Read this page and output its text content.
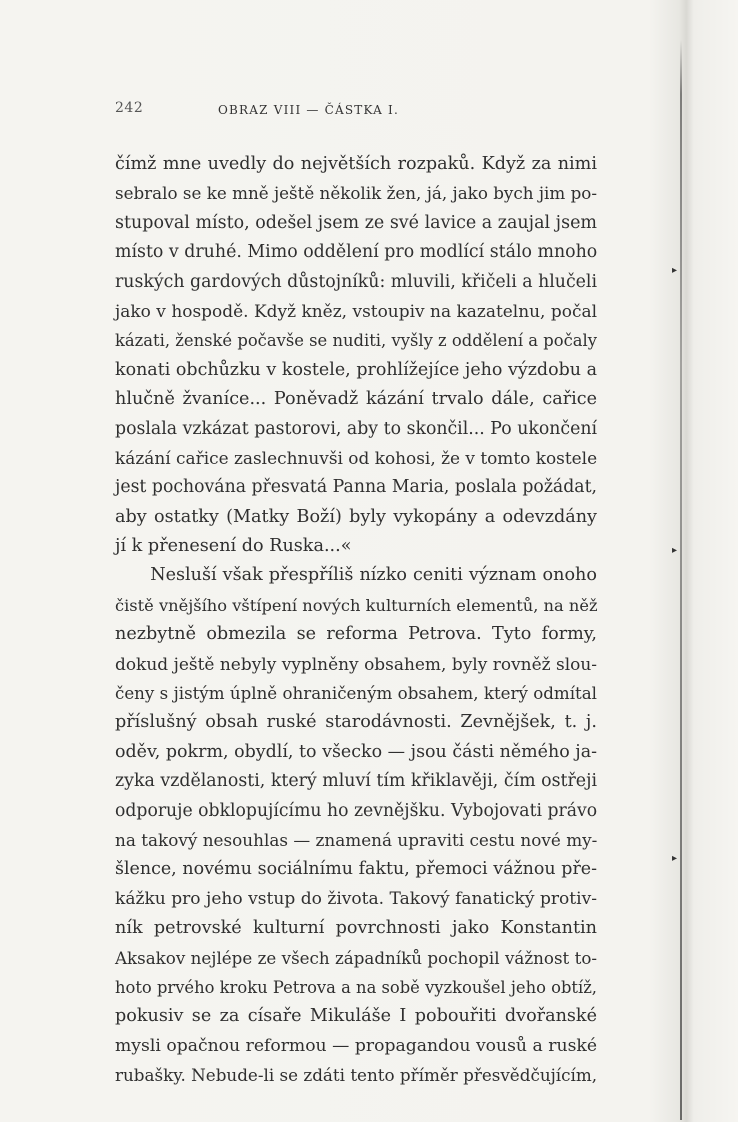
▸
▸
▸
242	OBRAZ VIII — ČÁSTKA I.
čímž mne uvedly do největších rozpaků. Když za nimi
sebralo se ke mně ještě několik žen, já, jako bych jim po-
stupoval místo, odešel jsem ze své lavice a zaujal jsem
místo v druhé. Mimo oddělení pro modlící stálo mnoho
ruských gardových důstojníků: mluvili, křičeli a hlučeli
jako v hospodě. Když kněz, vstoupiv na kazatelnu, počal
kázati, ženské počavše se nuditi, vyšly z oddělení a počaly
konati obchůzku v kostele, prohlížejíce jeho výzdobu a
hlučně žvaníce... Poněvadž kázání trvalo dále, cařice
poslala vzkázat pastorovi, aby to skončil... Po ukončení
kázání cařice zaslechnuvši od kohosi, že v tomto kostele
jest pochována přesvatá Panna Maria, poslala požádat,
aby ostatky (Matky Boží) byly vykopány a odevzdány
jí k přenesení do Ruska...«
Nesluší však přespříliš nízko ceniti význam onoho
čistě vnějšího vštípení nových kulturních elementů, na něž
nezbytně obmezila se reforma Petrova. Tyto formy,
dokud ještě nebyly vyplněny obsahem, byly rovněž slou-
čeny s jistým úplně ohraničeným obsahem, který odmítal
příslušný obsah ruské starodávnosti. Zevnějšek, t. j.
oděv, pokrm, obydlí, to všecko — jsou části němého ja-
zyka vzdělanosti, který mluví tím křiklavěji, čím ostřeji
odporuje obklopujícímu ho zevnějšku. Vybojovati právo
na takový nesouhlas — znamená upraviti cestu nové my-
šlence, novému sociálnímu faktu, přemoci vážnou pře-
kážku pro jeho vstup do života. Takový fanatický protiv-
ník petrovské kulturní povrchnosti jako Konstantin
Aksakov nejlépe ze všech západníků pochopil vážnost to-
hoto prvého kroku Petrova a na sobě vyzkoušel jeho obtíž,
pokusiv se za císaře Mikuláše I pobouřiti dvořanské
mysli opačnou reformou — propagandou vousů a ruské
rubašky. Nebude-li se zdáti tento příměr přesvědčujícím,
